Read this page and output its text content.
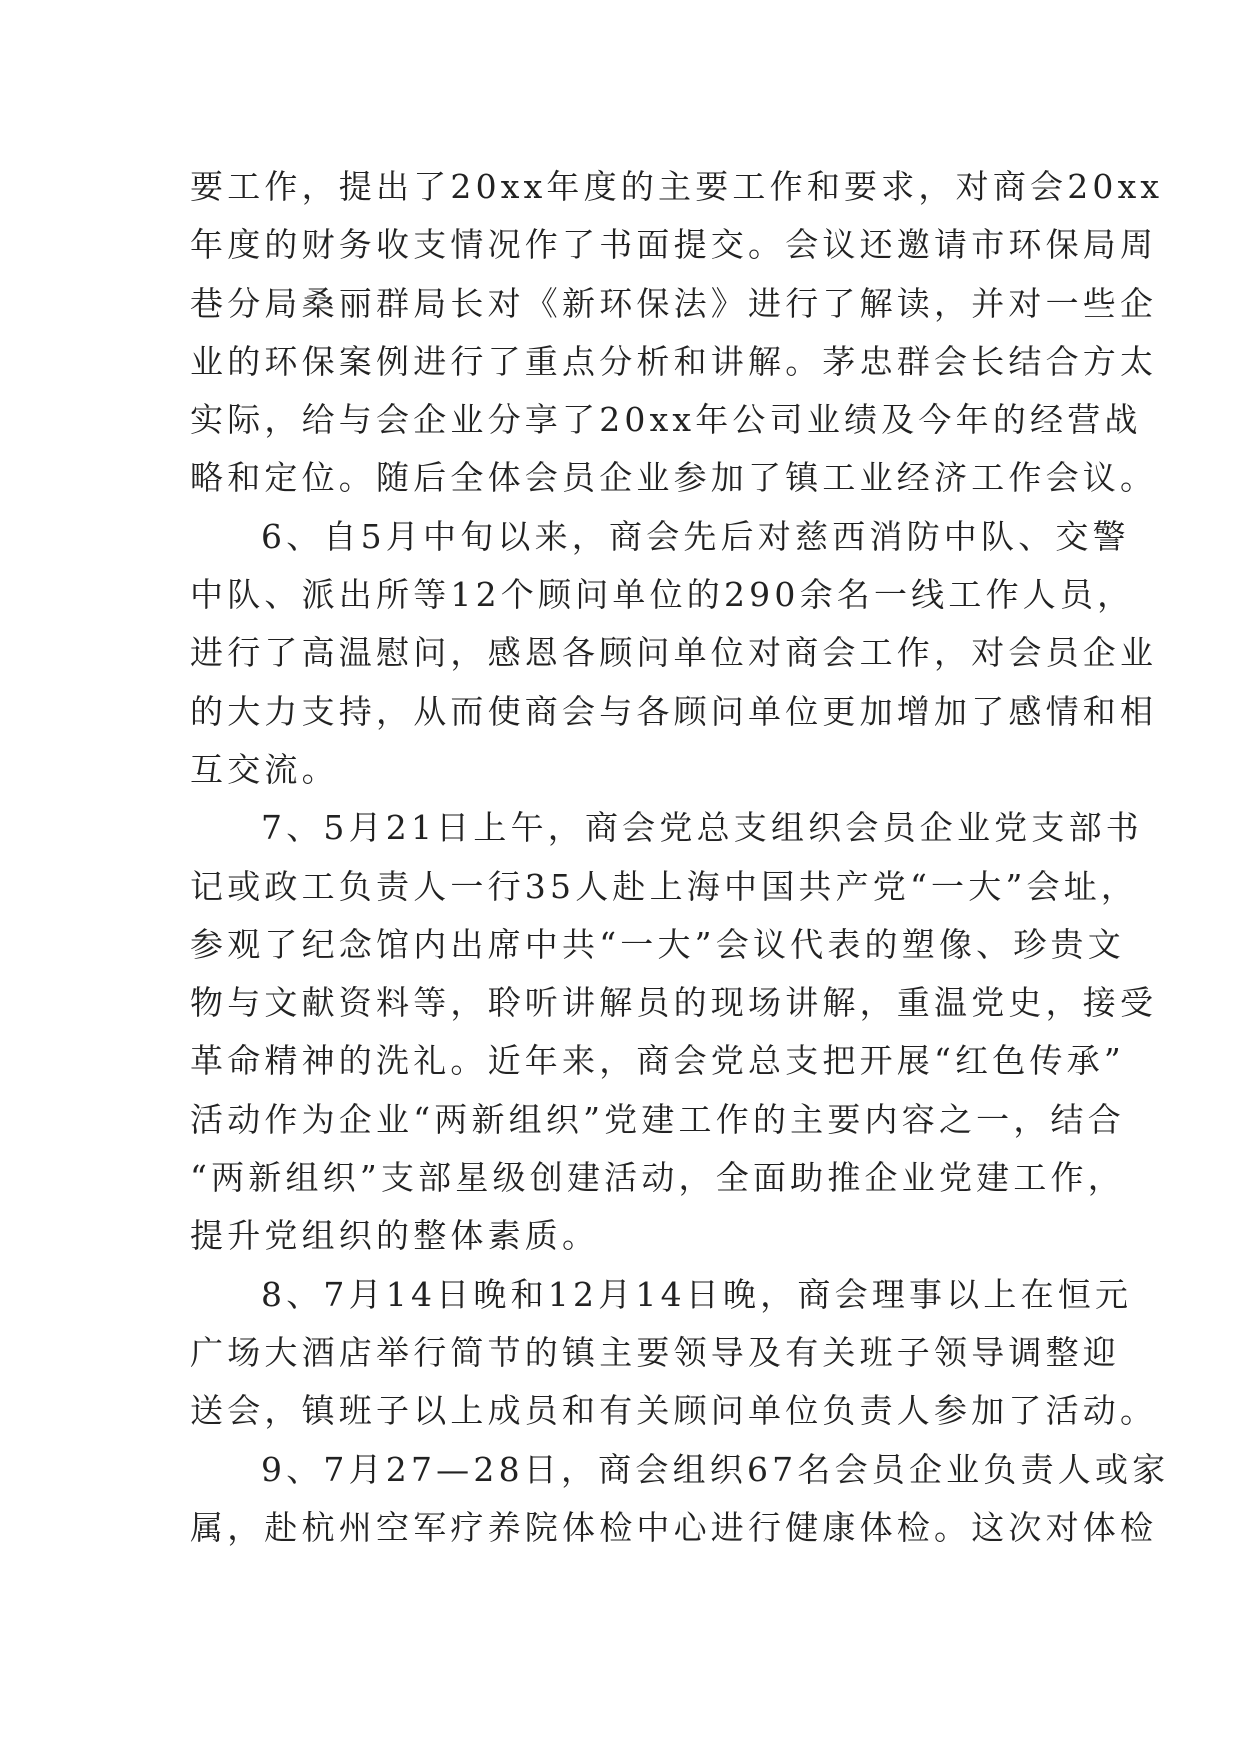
要工作，提出了20xx年度的主要工作和要求，对商会20xx
年度的财务收支情况作了书面提交。会议还邀请市环保局周
巷分局桑丽群局长对《新环保法》进行了解读，并对一些企
业的环保案例进行了重点分析和讲解。茅忠群会长结合方太
实际，给与会企业分享了20xx年公司业绩及今年的经营战
略和定位。随后全体会员企业参加了镇工业经济工作会议。
6、自5月中旬以来，商会先后对慈西消防中队、交警
中队、派出所等12个顾问单位的290余名一线工作人员，
进行了高温慰问，感恩各顾问单位对商会工作，对会员企业
的大力支持，从而使商会与各顾问单位更加增加了感情和相
互交流。
7、5月21日上午，商会党总支组织会员企业党支部书
记或政工负责人一行35人赴上海中国共产党“一大”会址，
参观了纪念馆内出席中共“一大”会议代表的塑像、珍贵文
物与文献资料等，聆听讲解员的现场讲解，重温党史，接受
革命精神的洗礼。近年来，商会党总支把开展“红色传承”
活动作为企业“两新组织”党建工作的主要内容之一，结合
“两新组织”支部星级创建活动，全面助推企业党建工作，
提升党组织的整体素质。
8、7月14日晚和12月14日晚，商会理事以上在恒元
广场大酒店举行简节的镇主要领导及有关班子领导调整迎
送会，镇班子以上成员和有关顾问单位负责人参加了活动。
9、7月27—28日，商会组织67名会员企业负责人或家
属，赴杭州空军疗养院体检中心进行健康体检。这次对体检
